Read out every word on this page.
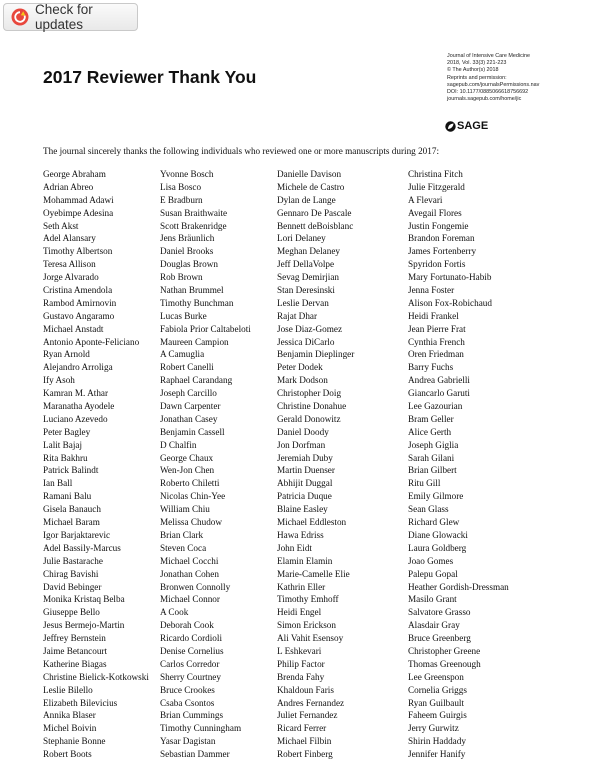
Check for updates
2017 Reviewer Thank You
Journal of Intensive Care Medicine
2018, Vol. 33(3) 221-223
© The Author(s) 2018
Reprints and permission:
sagepub.com/journalsPermissions.nav
DOI: 10.1177/0885066618756692
journals.sagepub.com/home/jic
SAGE

The journal sincerely thanks the following individuals who reviewed one or more manuscripts during 2017:

George Abraham
Adrian Abreo
Mohammad Adawi
Oyebimpe Adesina
Seth Akst
Adel Alansary
Timothy Albertson
Teresa Allison
Jorge Alvarado
Cristina Amendola
Rambod Amirnovin
Gustavo Angaramo
Michael Anstadt
Antonio Aponte-Feliciano
Ryan Arnold
Alejandro Arroliga
Ify Asoh
Kamran M. Athar
Maranatha Ayodele
Luciano Azevedo
Peter Bagley
Lalit Bajaj
Rita Bakhru
Patrick Balindt
Ian Ball
Ramani Balu
Gisela Banauch
Michael Baram
Igor Barjaktarevic
Adel Bassily-Marcus
Julie Bastarache
Chirag Bavishi
David Bebinger
Monika Kristaq Belba
Giuseppe Bello
Jesus Bermejo-Martin
Jeffrey Bernstein
Jaime Betancourt
Katherine Biagas
Christine Bielick-Kotkowski
Leslie Bilello
Elizabeth Bilevicius
Annika Blaser
Michel Boivin
Stephanie Bonne
Robert Boots
Yvonne Bosch
Lisa Bosco
E Bradburn
Susan Braithwaite
Scott Brakenridge
Jens Bräunlich
Daniel Brooks
Douglas Brown
Rob Brown
Nathan Brummel
Timothy Bunchman
Lucas Burke
Fabiola Prior Caltabeloti
Maureen Campion
A Camuglia
Robert Canelli
Raphael Carandang
Joseph Carcillo
Dawn Carpenter
Jonathan Casey
Benjamin Cassell
D Chalfin
George Chaux
Wen-Jon Chen
Roberto Chiletti
Nicolas Chin-Yee
William Chiu
Melissa Chudow
Brian Clark
Steven Coca
Michael Cocchi
Jonathan Cohen
Bronwen Connolly
Michael Connor
A Cook
Deborah Cook
Ricardo Cordioli
Denise Cornelius
Carlos Corredor
Sherry Courtney
Bruce Crookes
Csaba Csontos
Brian Cummings
Timothy Cunningham
Yasar Dagistan
Sebastian Dammer
Danielle Davison
Michele de Castro
Dylan de Lange
Gennaro De Pascale
Bennett deBoisblanc
Lori Delaney
Meghan Delaney
Jeff DellaVolpe
Sevag Demirjian
Stan Deresinski
Leslie Dervan
Rajat Dhar
Jose Diaz-Gomez
Jessica DiCarlo
Benjamin Dieplinger
Peter Dodek
Mark Dodson
Christopher Doig
Christine Donahue
Gerald Donowitz
Daniel Doody
Jon Dorfman
Jeremiah Duby
Martin Duenser
Abhijit Duggal
Patricia Duque
Blaine Easley
Michael Eddleston
Hawa Edriss
John Eidt
Elamin Elamin
Marie-Camelle Elie
Kathrin Eller
Timothy Emhoff
Heidi Engel
Simon Erickson
Ali Vahit Esensoy
L Eshkevari
Philip Factor
Brenda Fahy
Khaldoun Faris
Andres Fernandez
Juliet Fernandez
Ricard Ferrer
Michael Filbin
Robert Finberg
Christina Fitch
Julie Fitzgerald
A Flevari
Avegail Flores
Justin Fongemie
Brandon Foreman
James Fortenberry
Spyridon Fortis
Mary Fortunato-Habib
Jenna Foster
Alison Fox-Robichaud
Heidi Frankel
Jean Pierre Frat
Cynthia French
Oren Friedman
Barry Fuchs
Andrea Gabrielli
Giancarlo Garuti
Lee Gazourian
Bram Geller
Alice Gerth
Joseph Giglia
Sarah Gilani
Brian Gilbert
Ritu Gill
Emily Gilmore
Sean Glass
Richard Glew
Diane Glowacki
Laura Goldberg
Joao Gomes
Palepu Gopal
Heather Gordish-Dressman
Masilo Grant
Salvatore Grasso
Alasdair Gray
Bruce Greenberg
Christopher Greene
Thomas Greenough
Lee Greenspon
Cornelia Griggs
Ryan Guilbault
Faheem Guirgis
Jerry Gurwitz
Shirin Haddady
Jennifer Hanify
